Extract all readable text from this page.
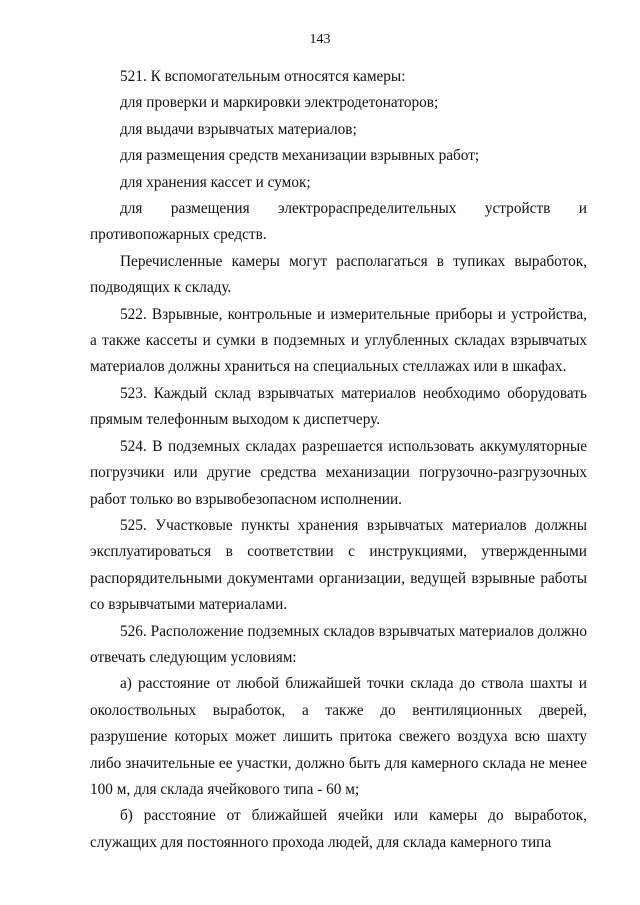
143

521. К вспомогательным относятся камеры:

для проверки и маркировки электродетонаторов;

для выдачи взрывчатых материалов;

для размещения средств механизации взрывных работ;

для хранения кассет и сумок;

для размещения электрораспределительных устройств и противопожарных средств.

Перечисленные камеры могут располагаться в тупиках выработок, подводящих к складу.

522. Взрывные, контрольные и измерительные приборы и устройства, а также кассеты и сумки в подземных и углубленных складах взрывчатых материалов должны храниться на специальных стеллажах или в шкафах.

523. Каждый склад взрывчатых материалов необходимо оборудовать прямым телефонным выходом к диспетчеру.

524. В подземных складах разрешается использовать аккумуляторные погрузчики или другие средства механизации погрузочно-разгрузочных работ только во взрывобезопасном исполнении.

525. Участковые пункты хранения взрывчатых материалов должны эксплуатироваться в соответствии с инструкциями, утвержденными распорядительными документами организации, ведущей взрывные работы со взрывчатыми материалами.

526. Расположение подземных складов взрывчатых материалов должно отвечать следующим условиям:

а) расстояние от любой ближайшей точки склада до ствола шахты и околоствольных выработок, а также до вентиляционных дверей, разрушение которых может лишить притока свежего воздуха всю шахту либо значительные ее участки, должно быть для камерного склада не менее 100 м, для склада ячейкового типа - 60 м;

б) расстояние от ближайшей ячейки или камеры до выработок, служащих для постоянного прохода людей, для склада камерного типа
